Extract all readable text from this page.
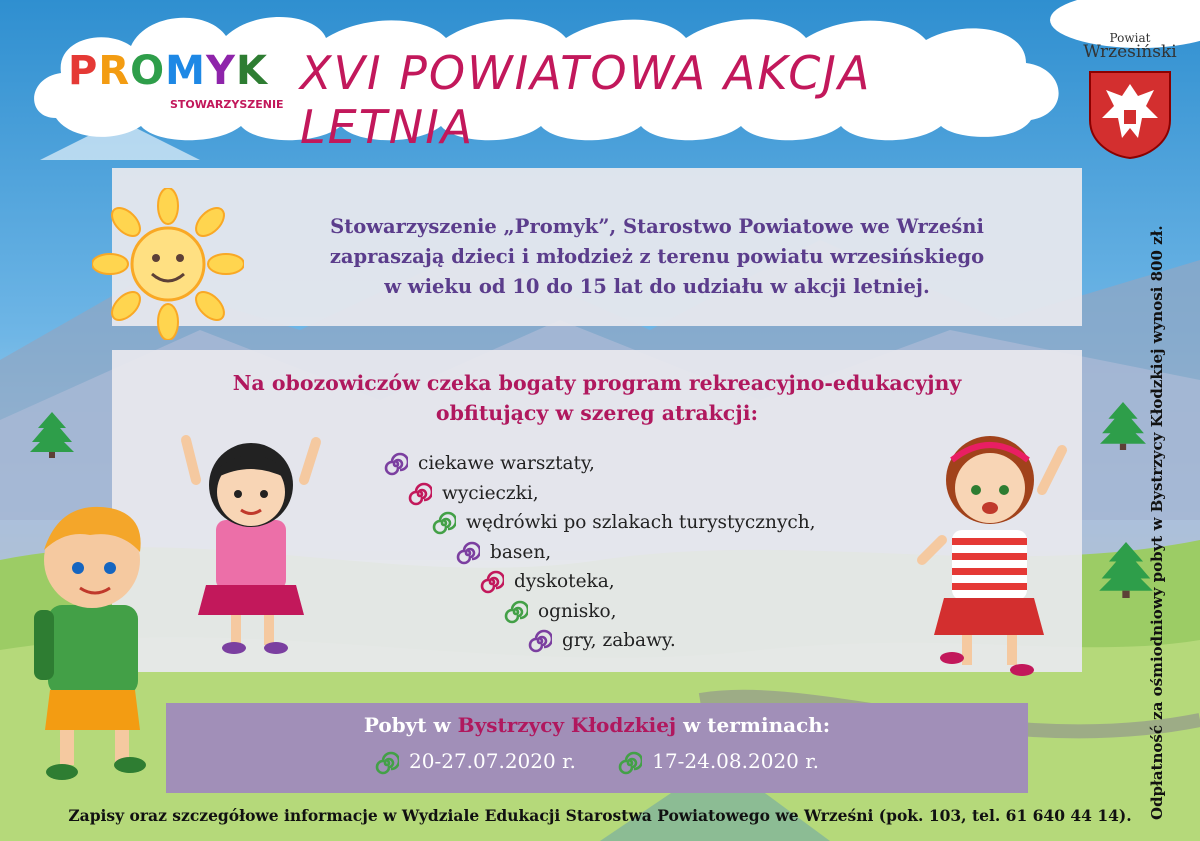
PROMYK
STOWARZYSZENIE
XVI POWIATOWA AKCJA LETNIA
Powiat
Wrzesiński
Odpłatność za ośmiodniowy pobyt w Bystrzycy Kłodzkiej wynosi 800 zł.
Stowarzyszenie „Promyk”, Starostwo Powiatowe we Wrześni
zapraszają dzieci i młodzież z terenu powiatu wrzesińskiego
w wieku od 10 do 15 lat do udziału w akcji letniej.
Na obozowiczów czeka bogaty program rekreacyjno-edukacyjny
obfitujący w szereg atrakcji:
ciekawe warsztaty,
wycieczki,
wędrówki po szlakach turystycznych,
basen,
dyskoteka,
ognisko,
gry, zabawy.
Pobyt w Bystrzycy Kłodzkiej w terminach:
20-27.07.2020 r.	17-24.08.2020 r.
Zapisy oraz szczegółowe informacje w Wydziale Edukacji Starostwa Powiatowego we Wrześni (pok. 103, tel. 61 640 44 14).
